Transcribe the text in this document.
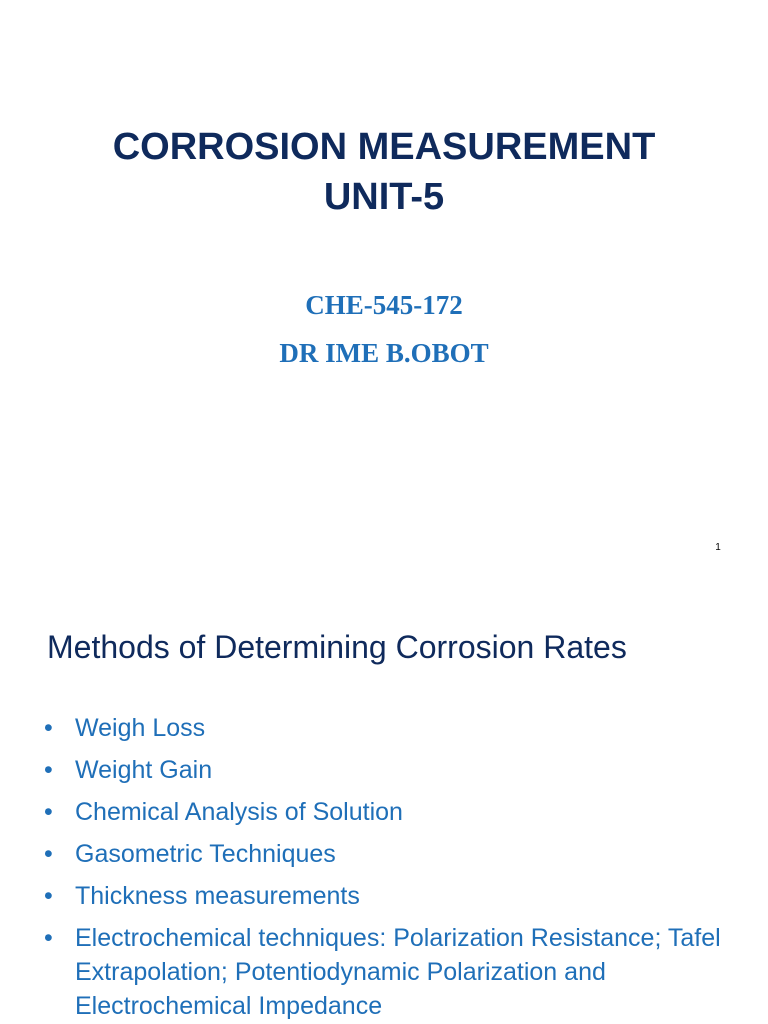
CORROSION MEASUREMENT
UNIT-5
CHE-545-172
DR IME B.OBOT
1
Methods of Determining Corrosion Rates
• Weigh Loss
• Weight Gain
• Chemical Analysis of Solution
• Gasometric Techniques
• Thickness measurements
• Electrochemical techniques: Polarization Resistance; Tafel Extrapolation; Potentiodynamic Polarization and Electrochemical Impedance
